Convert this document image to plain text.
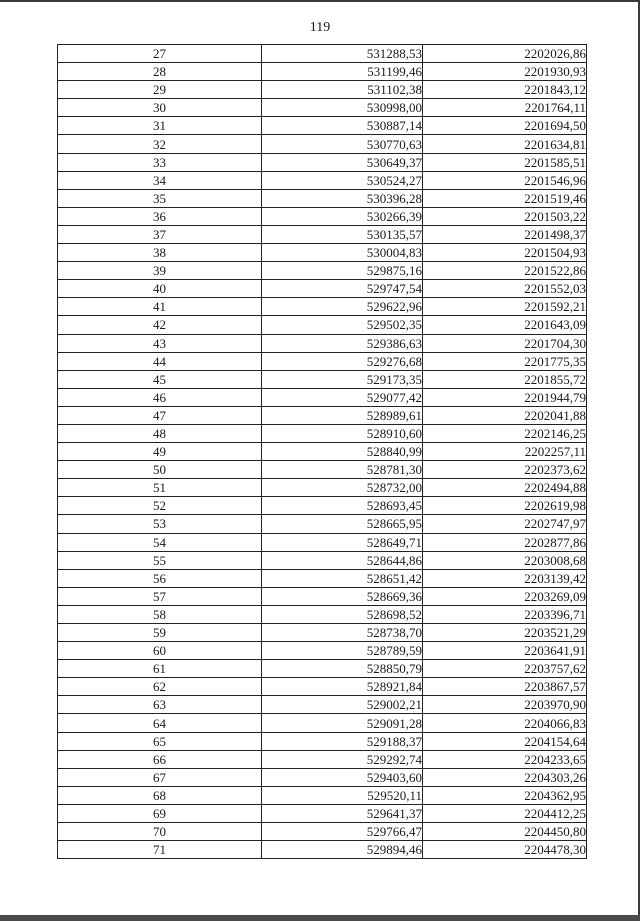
119
27	531288,53	2202026,86
28	531199,46	2201930,93
29	531102,38	2201843,12
30	530998,00	2201764,11
31	530887,14	2201694,50
32	530770,63	2201634,81
33	530649,37	2201585,51
34	530524,27	2201546,96
35	530396,28	2201519,46
36	530266,39	2201503,22
37	530135,57	2201498,37
38	530004,83	2201504,93
39	529875,16	2201522,86
40	529747,54	2201552,03
41	529622,96	2201592,21
42	529502,35	2201643,09
43	529386,63	2201704,30
44	529276,68	2201775,35
45	529173,35	2201855,72
46	529077,42	2201944,79
47	528989,61	2202041,88
48	528910,60	2202146,25
49	528840,99	2202257,11
50	528781,30	2202373,62
51	528732,00	2202494,88
52	528693,45	2202619,98
53	528665,95	2202747,97
54	528649,71	2202877,86
55	528644,86	2203008,68
56	528651,42	2203139,42
57	528669,36	2203269,09
58	528698,52	2203396,71
59	528738,70	2203521,29
60	528789,59	2203641,91
61	528850,79	2203757,62
62	528921,84	2203867,57
63	529002,21	2203970,90
64	529091,28	2204066,83
65	529188,37	2204154,64
66	529292,74	2204233,65
67	529403,60	2204303,26
68	529520,11	2204362,95
69	529641,37	2204412,25
70	529766,47	2204450,80
71	529894,46	2204478,30
